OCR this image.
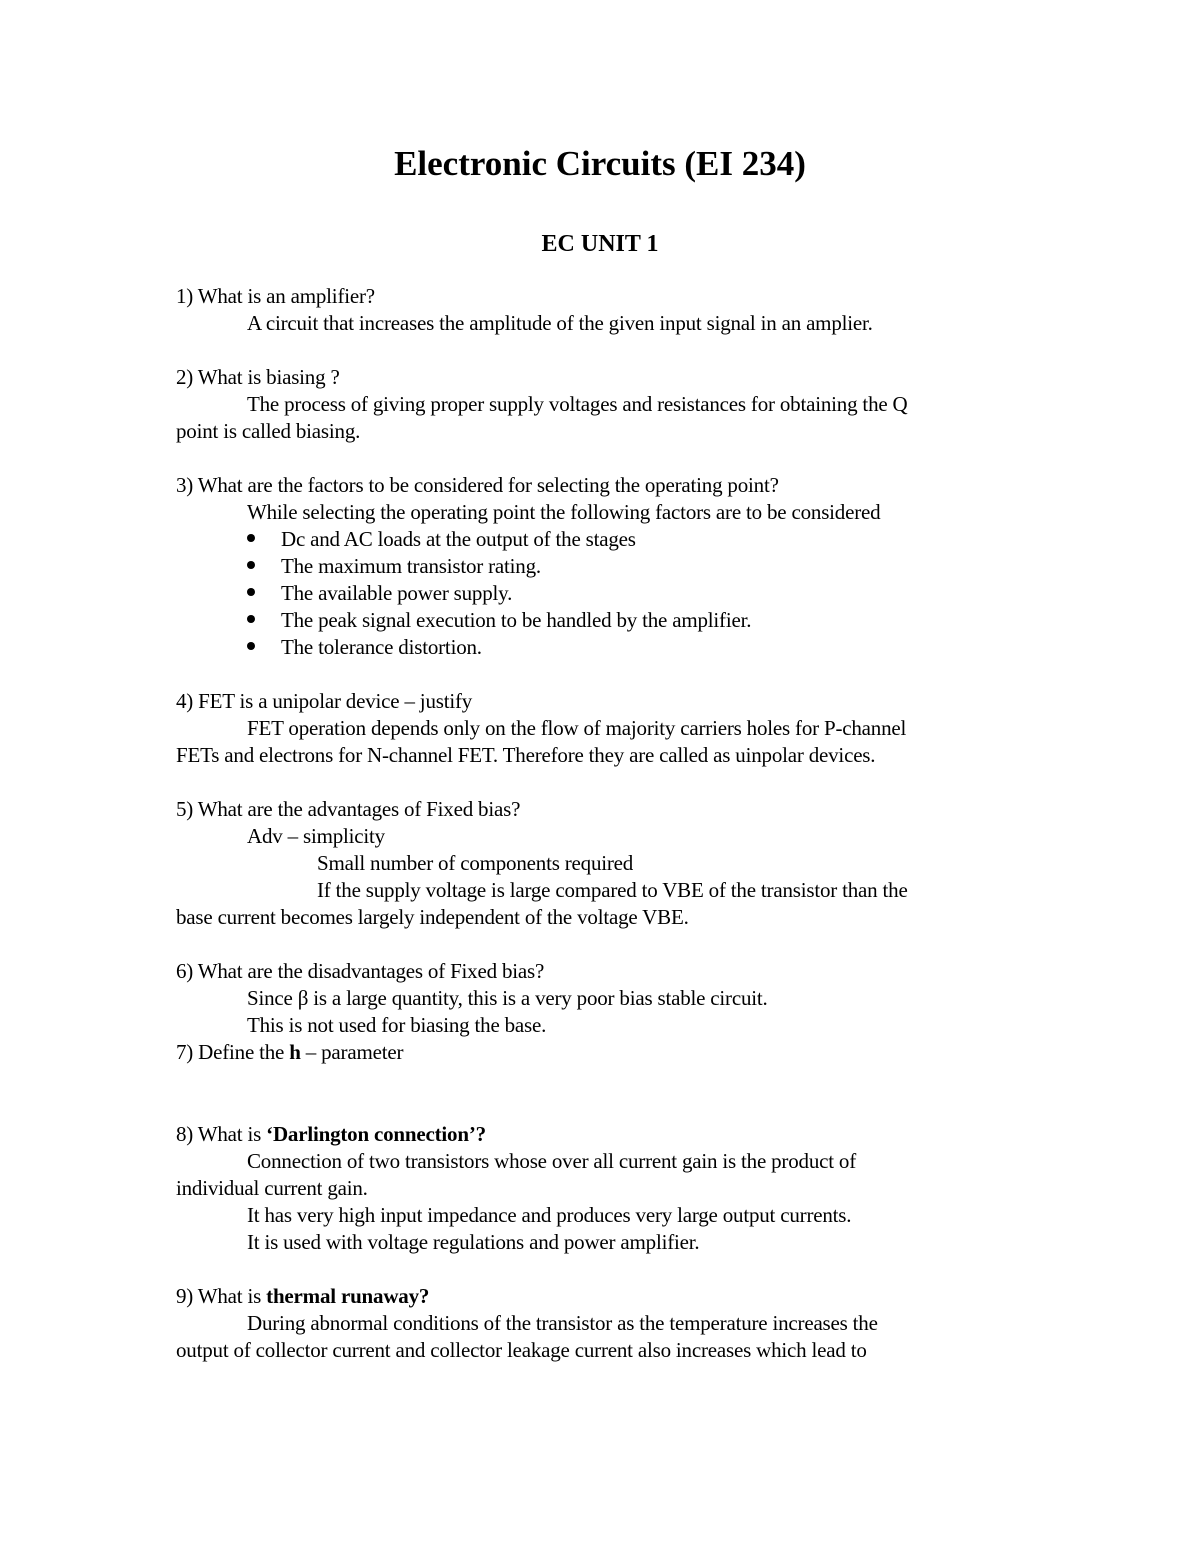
Electronic Circuits (EI 234)
EC UNIT 1
1) What is an amplifier?
A circuit that increases the amplitude of the given input signal in an amplier.
2) What is biasing ?
The process of giving proper supply voltages and resistances for obtaining the Q
point is called biasing.
3) What are the factors to be considered for selecting the operating point?
While selecting the operating point the following factors are to be considered
Dc and AC loads at the output of the stages
The maximum transistor rating.
The available power supply.
The peak signal execution to be handled by the amplifier.
The tolerance distortion.
4) FET is a unipolar device – justify
FET operation depends only on the flow of majority carriers holes for P-channel
FETs and electrons for N-channel FET. Therefore they are called as uinpolar devices.
5) What are the advantages of Fixed bias?
Adv – simplicity
Small number of components required
If the supply voltage is large compared to VBE of the transistor than the
base current becomes largely independent of the voltage VBE.
6) What are the disadvantages of Fixed bias?
Since β is a large quantity, this is a very poor bias stable circuit.
This is not used for biasing the base.
7) Define the h – parameter
8) What is ‘Darlington connection’?
Connection of two transistors whose over all current gain is the product of
individual current gain.
It has very high input impedance and produces very large output currents.
It is used with voltage regulations and power amplifier.
9) What is thermal runaway?
During abnormal conditions of the transistor as the temperature increases the
output of collector current and collector leakage current also increases which lead to
